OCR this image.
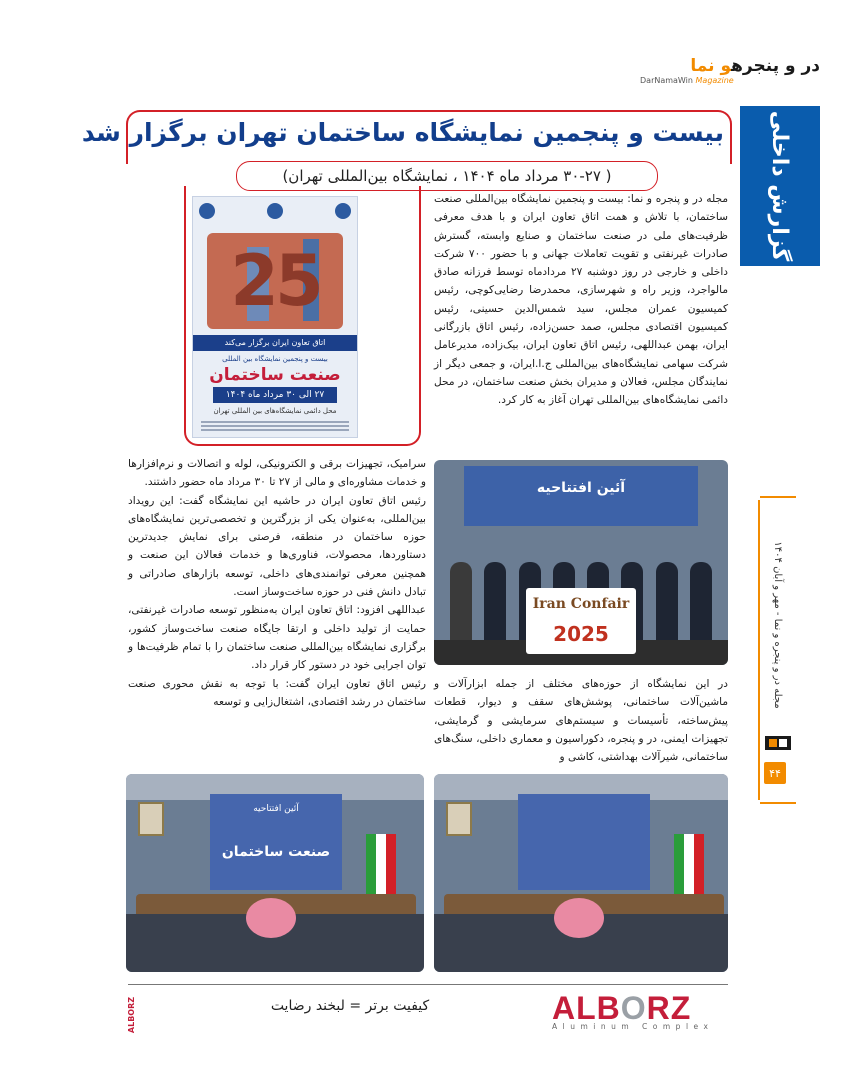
در و پنجرهو نما
DarNamaWin Magazine
گزارش داخلی
مجله در و پنجره و نما - مهر و آبان ۱۴۰۴
۴۴
بیست و پنجمین نمایشگاه ساختمان تهران برگزار شد
( ۳۰-۲۷ مرداد ماه ۱۴۰۴ ، نمایشگاه بین‌المللی تهران)
25
اتاق تعاون ایران برگزار می‌کند
بیست و پنجمین نمایشگاه بین المللی
صنعت ساختمان
۲۷ الی ۳۰ مرداد ماه ۱۴۰۴
محل دائمی نمایشگاه‌های بین المللی تهران

مجله در و پنجره و نما: بیست و پنجمین نمایشگاه بین‌المللی صنعت ساختمان، با تلاش و همت اتاق تعاون ایران و با هدف معرفی ظرفیت‌های ملی در صنعت ساختمان و صنایع وابسته، گسترش صادرات غیرنفتی و تقویت تعاملات جهانی و با حضور ۷۰۰ شرکت داخلی و خارجی در روز دوشنبه ۲۷ مردادماه توسط فرزانه صادق مالواجرد، وزیر راه و شهرسازی، محمدرضا رضایی‌کوچی، رئیس کمیسیون عمران مجلس، سید شمس‌الدین حسینی، رئیس کمیسیون اقتصادی مجلس، صمد حسن‌زاده، رئیس اتاق بازرگانی ایران، بهمن عبداللهی، رئیس اتاق تعاون ایران، بیک‌زاده، مدیرعامل شرکت سهامی نمایشگاه‌های بین‌المللی ج.ا.ایران، و جمعی دیگر از نمایندگان مجلس، فعالان و مدیران بخش صنعت ساختمان، در محل دائمی نمایشگاه‌های بین‌المللی تهران آغاز به کار کرد.

آئین افتتاحیه
Iran Confair
2025

در این نمایشگاه از حوزه‌های مختلف از جمله ابزارآلات و ماشین‌آلات ساختمانی، پوشش‌های سقف و دیوار، قطعات پیش‌ساخته، تأسیسات و سیستم‌های سرمایشی و گرمایشی، تجهیزات ایمنی، در و پنجره، دکوراسیون و معماری داخلی، سنگ‌های ساختمانی، شیرآلات بهداشتی، کاشی و

سرامیک، تجهیزات برقی و الکترونیکی، لوله و اتصالات و نرم‌افزارها و خدمات مشاوره‌ای و مالی از ۲۷ تا ۳۰ مرداد ماه حضور داشتند.

رئیس اتاق تعاون ایران در حاشیه این نمایشگاه گفت: این رویداد بین‌المللی، به‌عنوان یکی از بزرگترین و تخصصی‌ترین نمایشگاه‌های حوزه ساختمان در منطقه، فرصتی برای نمایش جدیدترین دستاوردها، محصولات، فناوری‌ها و خدمات فعالان این صنعت و همچنین معرفی توانمندی‌های داخلی، توسعه بازارهای صادراتی و تبادل دانش فنی در حوزه ساخت‌وساز است.

عبداللهی افزود: اتاق تعاون ایران به‌منظور توسعه صادرات غیرنفتی، حمایت از تولید داخلی و ارتقا جایگاه صنعت ساخت‌وساز کشور، برگزاری نمایشگاه بین‌المللی صنعت ساختمان را با تمام ظرفیت‌ها و توان اجرایی خود در دستور کار قرار داد.

رئیس اتاق تعاون ایران گفت: با توجه به نقش محوری صنعت ساختمان در رشد اقتصادی، اشتغال‌زایی و توسعه

آئین افتتاحیه
صنعت ساختمان
ALBORZ
Aluminum Complex
کیفیت برتر = لبخند رضایت
ALBORZ
